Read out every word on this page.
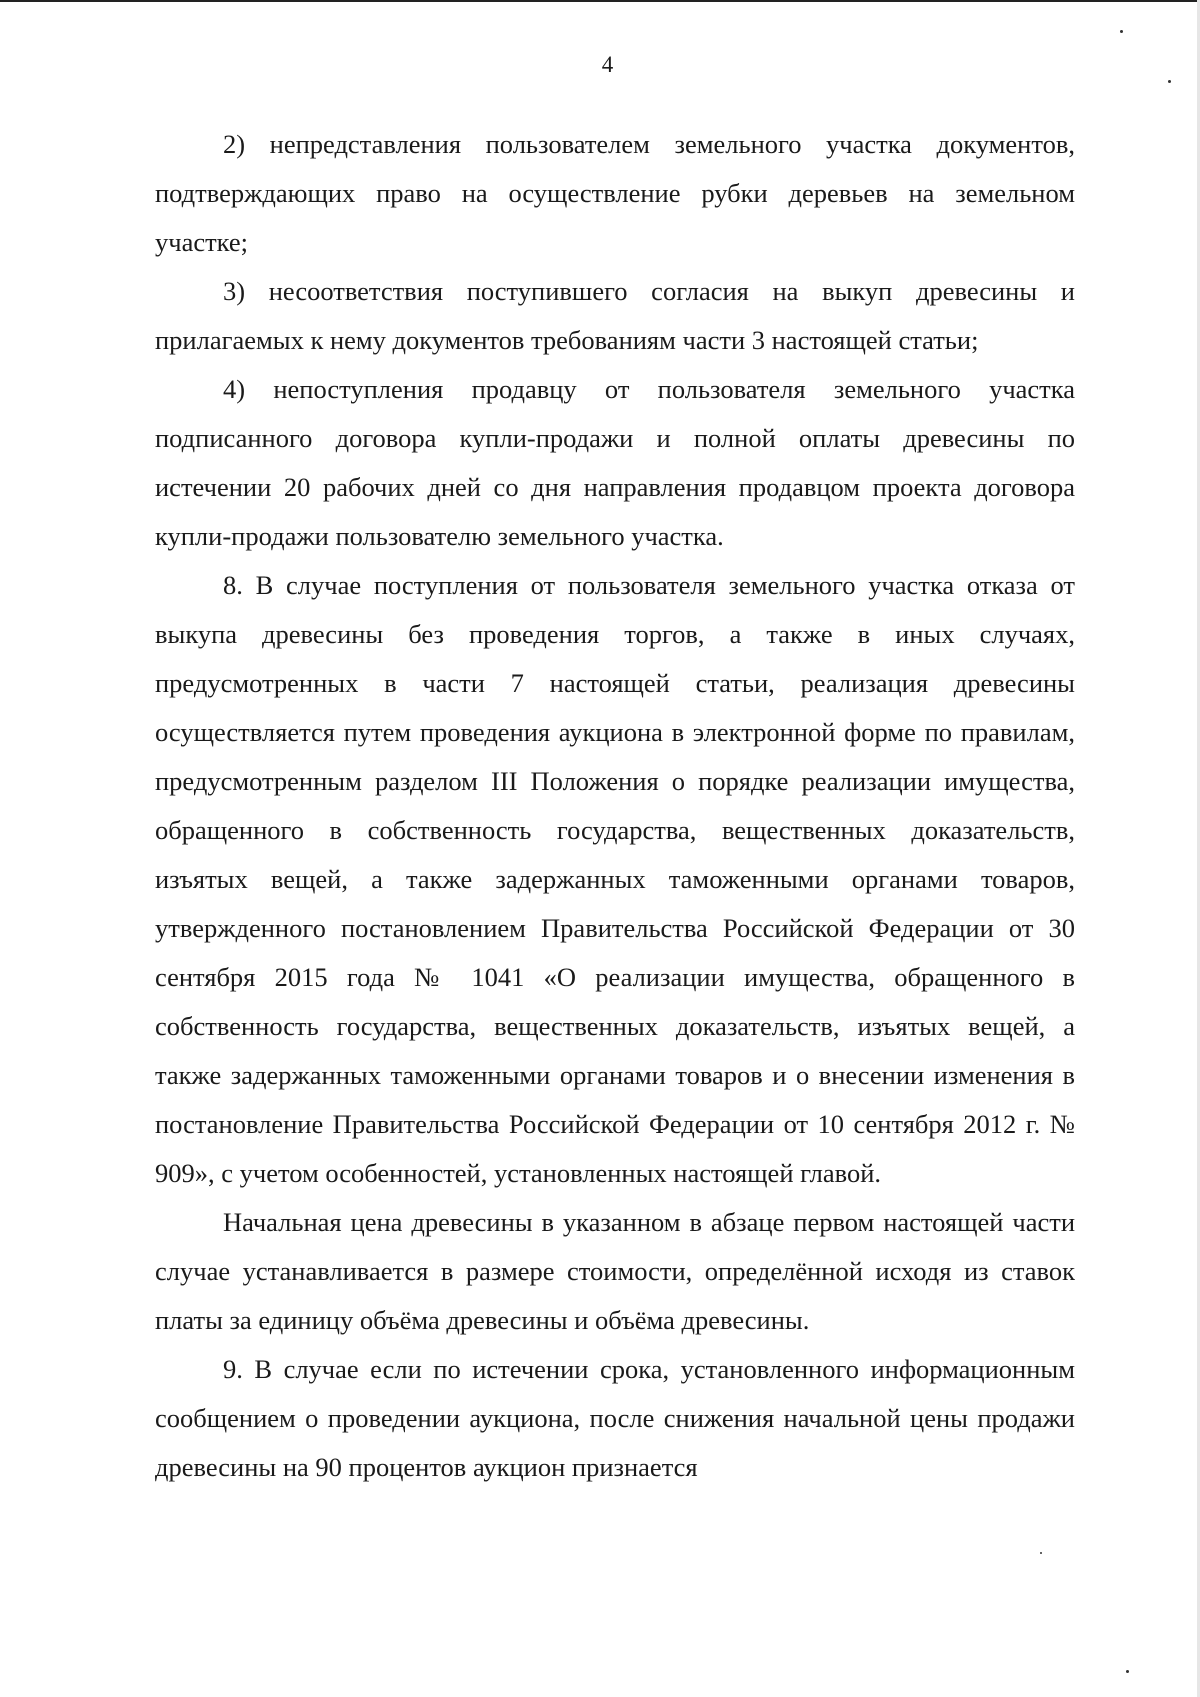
4

2) непредставления пользователем земельного участка документов, подтверждающих право на осуществление рубки деревьев на земельном участке;

3) несоответствия поступившего согласия на выкуп древесины и прилагаемых к нему документов требованиям части 3 настоящей статьи;

4) непоступления продавцу от пользователя земельного участка подписанного договора купли-продажи и полной оплаты древесины по истечении 20 рабочих дней со дня направления продавцом проекта договора купли-продажи пользователю земельного участка.

8. В случае поступления от пользователя земельного участка отказа от выкупа древесины без проведения торгов, а также в иных случаях, предусмотренных в части 7 настоящей статьи, реализация древесины осуществляется путем проведения аукциона в электронной форме по правилам, предусмотренным разделом III Положения о порядке реализации имущества, обращенного в собственность государства, вещественных доказательств, изъятых вещей, а также задержанных таможенными органами товаров, утвержденного постановлением Правительства Российской Федерации от 30 сентября 2015 года № 1041 «О реализации имущества, обращенного в собственность государства, вещественных доказательств, изъятых вещей, а также задержанных таможенными органами товаров и о внесении изменения в постановление Правительства Российской Федерации от 10 сентября 2012 г. № 909», с учетом особенностей, установленных настоящей главой.

Начальная цена древесины в указанном в абзаце первом настоящей части случае устанавливается в размере стоимости, определённой исходя из ставок платы за единицу объёма древесины и объёма древесины.

9. В случае если по истечении срока, установленного информационным сообщением о проведении аукциона, после снижения начальной цены продажи древесины на 90 процентов аукцион признается
